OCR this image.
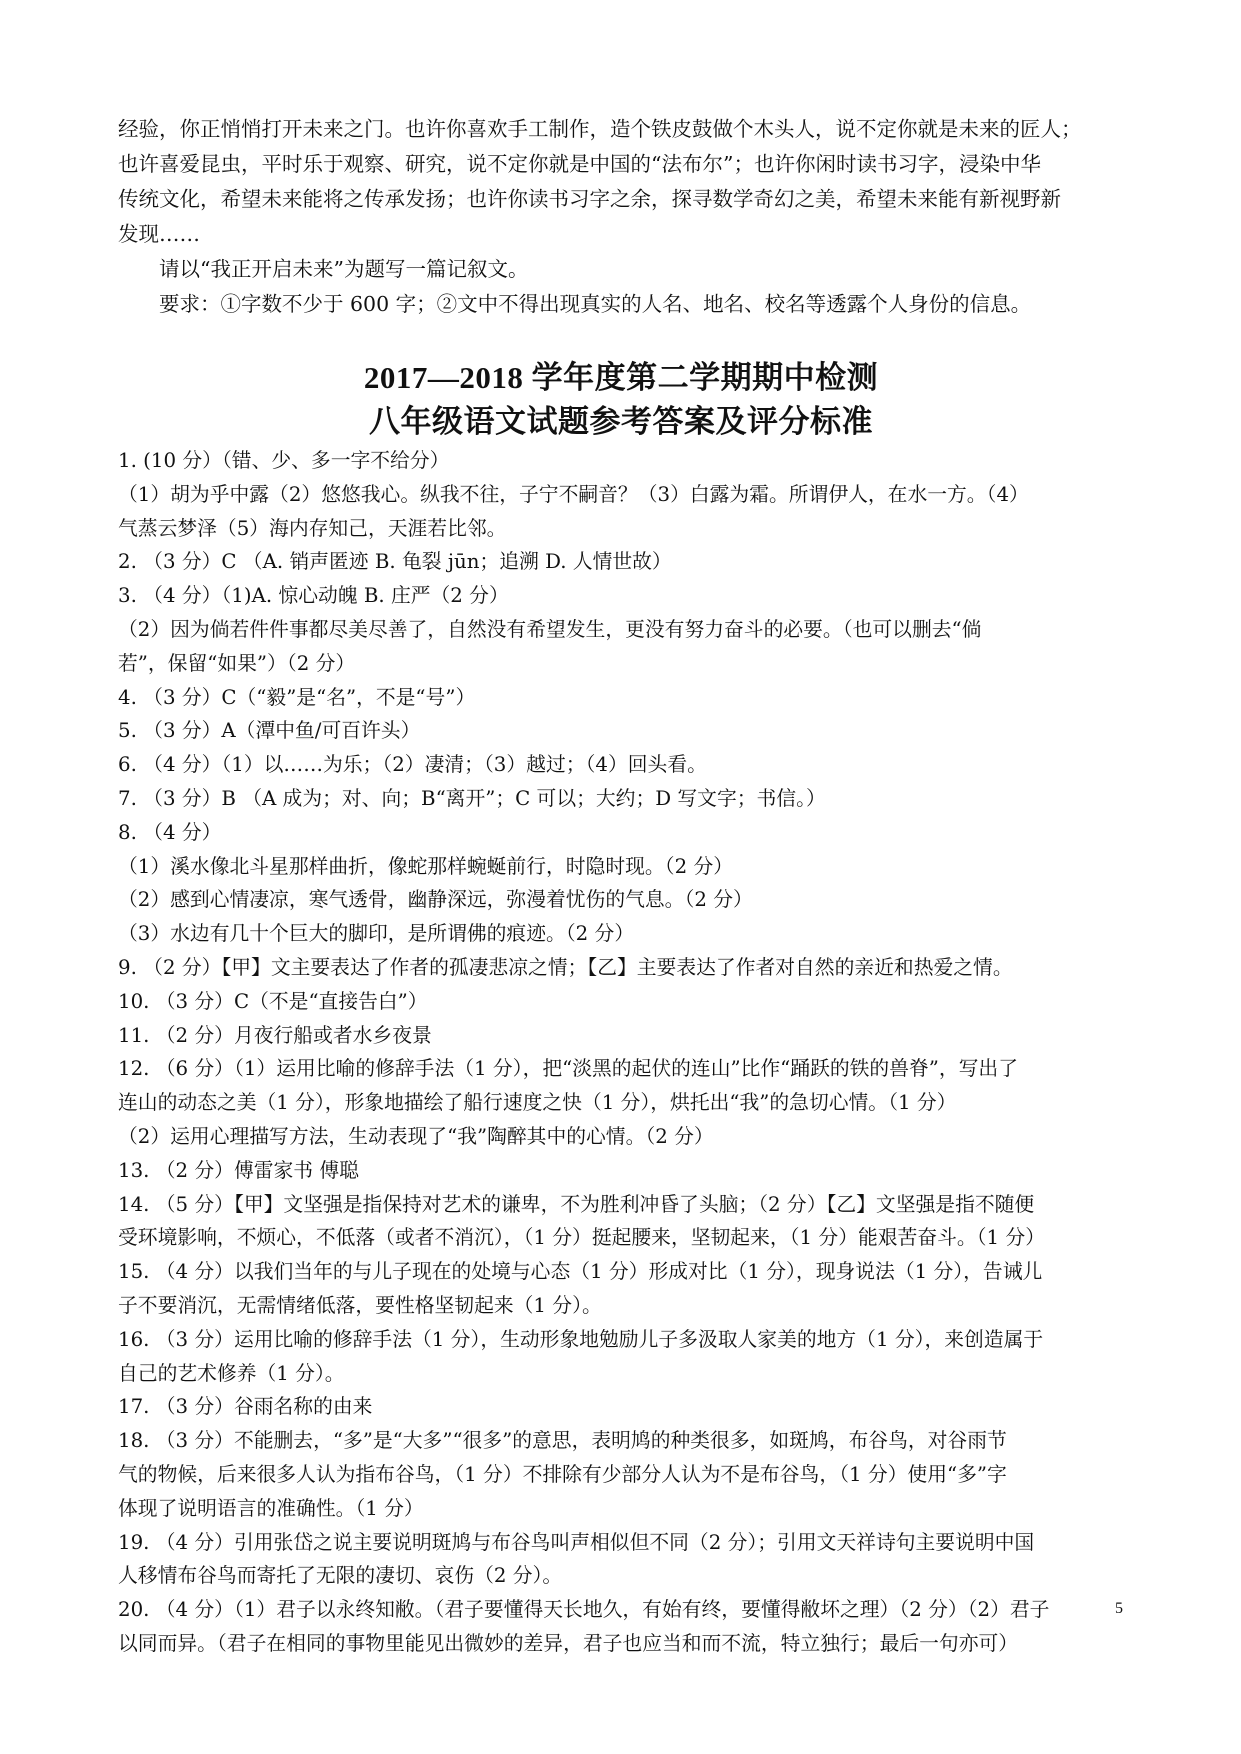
经验，你正悄悄打开未来之门。也许你喜欢手工制作，造个铁皮鼓做个木头人，说不定你就是未来的匠人；
也许喜爱昆虫，平时乐于观察、研究，说不定你就是中国的“法布尔”；也许你闲时读书习字，浸染中华
传统文化，希望未来能将之传承发扬；也许你读书习字之余，探寻数学奇幻之美，希望未来能有新视野新
发现……
请以“我正开启未来”为题写一篇记叙文。
要求：①字数不少于 600 字；②文中不得出现真实的人名、地名、校名等透露个人身份的信息。
2017—2018 学年度第二学期期中检测
八年级语文试题参考答案及评分标准
1. (10 分）（错、少、多一字不给分）
（1）胡为乎中露（2）悠悠我心。纵我不往，子宁不嗣音？（3）白露为霜。所谓伊人，在水一方。（4）
气蒸云梦泽（5）海内存知己，天涯若比邻。
2. （3 分）C （A. 销声匿迹 B. 龟裂 jūn；追溯 D. 人情世故）
3. （4 分）（1)A. 惊心动魄 B. 庄严（2 分）
（2）因为倘若件件事都尽美尽善了，自然没有希望发生，更没有努力奋斗的必要。（也可以删去“倘
若”，保留“如果”）（2 分）
4. （3 分）C（“毅”是“名”，不是“号”）
5. （3 分）A（潭中鱼/可百许头）
6. （4 分）（1）以……为乐；（2）凄清；（3）越过；（4）回头看。
7. （3 分）B （A 成为；对、向；B“离开”；C 可以；大约；D 写文字；书信。）
8. （4 分）
（1）溪水像北斗星那样曲折，像蛇那样蜿蜒前行，时隐时现。（2 分）
（2）感到心情凄凉，寒气透骨，幽静深远，弥漫着忧伤的气息。（2 分）
（3）水边有几十个巨大的脚印，是所谓佛的痕迹。（2 分）
9. （2 分）【甲】文主要表达了作者的孤凄悲凉之情；【乙】主要表达了作者对自然的亲近和热爱之情。
10. （3 分）C（不是“直接告白”）
11. （2 分）月夜行船或者水乡夜景
12. （6 分）（1）运用比喻的修辞手法（1 分），把“淡黑的起伏的连山”比作“踊跃的铁的兽脊”，写出了
连山的动态之美（1 分），形象地描绘了船行速度之快（1 分），烘托出“我”的急切心情。（1 分）
（2）运用心理描写方法，生动表现了“我”陶醉其中的心情。（2 分）
13. （2 分）傅雷家书 傅聪
14. （5 分）【甲】文坚强是指保持对艺术的谦卑，不为胜利冲昏了头脑；（2 分）【乙】文坚强是指不随便
受环境影响，不烦心，不低落（或者不消沉），（1 分）挺起腰来，坚韧起来，（1 分）能艰苦奋斗。（1 分）
15. （4 分）以我们当年的与儿子现在的处境与心态（1 分）形成对比（1 分），现身说法（1 分），告诫儿
子不要消沉，无需情绪低落，要性格坚韧起来（1 分）。
16. （3 分）运用比喻的修辞手法（1 分），生动形象地勉励儿子多汲取人家美的地方（1 分），来创造属于
自己的艺术修养（1 分）。
17. （3 分）谷雨名称的由来
18. （3 分）不能删去，“多”是“大多”“很多”的意思，表明鸠的种类很多，如斑鸠，布谷鸟，对谷雨节
气的物候，后来很多人认为指布谷鸟，（1 分）不排除有少部分人认为不是布谷鸟，（1 分）使用“多”字
体现了说明语言的准确性。（1 分）
19. （4 分）引用张岱之说主要说明斑鸠与布谷鸟叫声相似但不同（2 分）；引用文天祥诗句主要说明中国
人移情布谷鸟而寄托了无限的凄切、哀伤（2 分）。
20. （4 分）（1）君子以永终知敝。（君子要懂得天长地久，有始有终，要懂得敝坏之理）（2 分）（2）君子
以同而异。（君子在相同的事物里能见出微妙的差异，君子也应当和而不流，特立独行；最后一句亦可）
5
